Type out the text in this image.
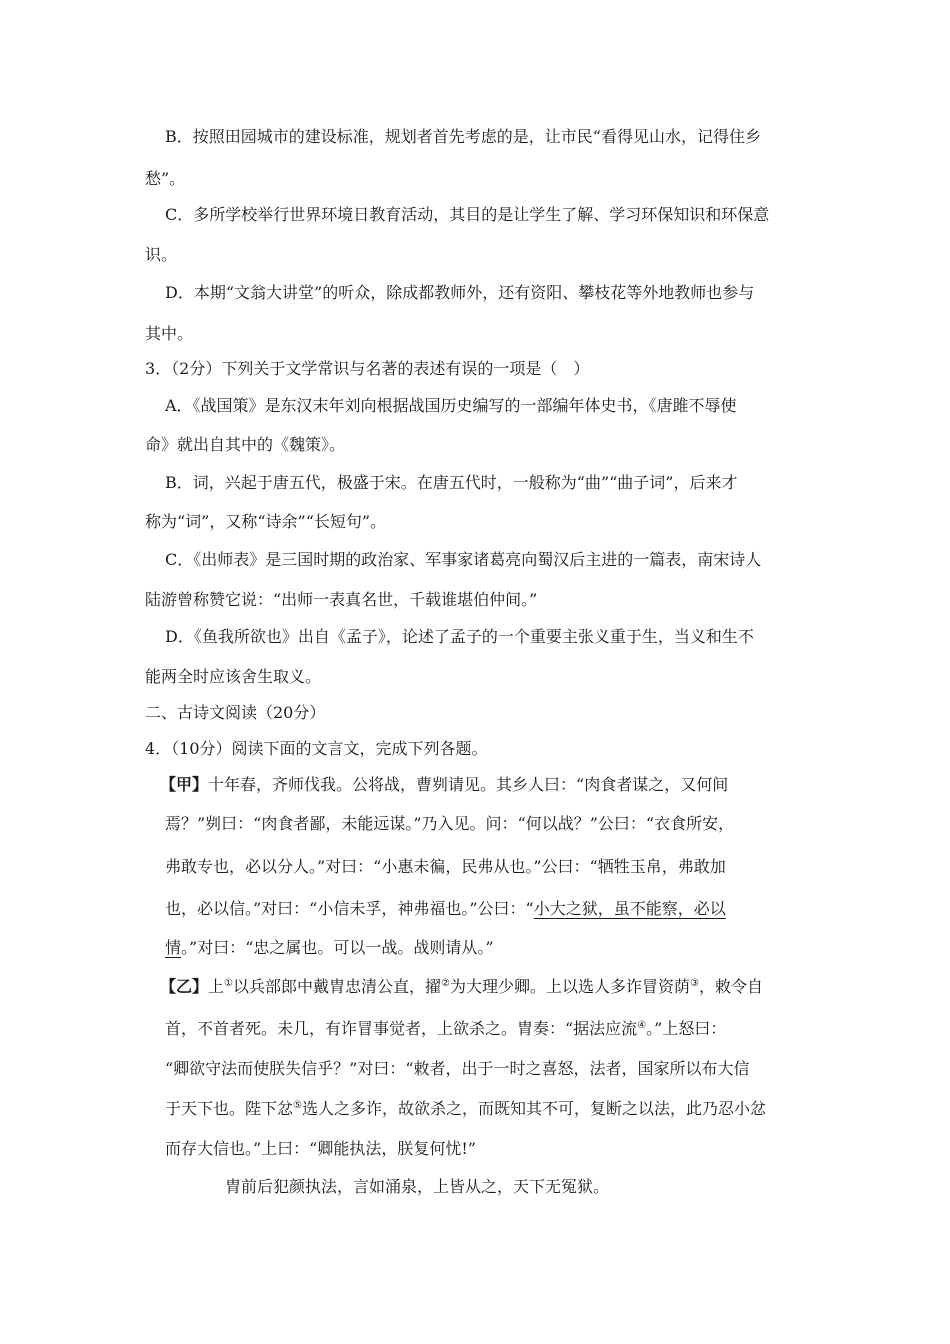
B．按照田园城市的建设标准，规划者首先考虑的是，让市民“看得见山水，记得住乡
愁”。
C．多所学校举行世界环境日教育活动，其目的是让学生了解、学习环保知识和环保意
识。
D．本期“文翁大讲堂”的听众，除成都教师外，还有资阳、攀枝花等外地教师也参与
其中。
3．（2分）下列关于文学常识与名著的表述有误的一项是（　）
A．《战国策》是东汉末年刘向根据战国历史编写的一部编年体史书，《唐雎不辱使
命》就出自其中的《魏策》。
B．词，兴起于唐五代，极盛于宋。在唐五代时，一般称为“曲”“曲子词”，后来才
称为“词”，又称“诗余”“长短句”。
C．《出师表》是三国时期的政治家、军事家诸葛亮向蜀汉后主进的一篇表，南宋诗人
陆游曾称赞它说：“出师一表真名世，千载谁堪伯仲间。”
D．《鱼我所欲也》出自《孟子》，论述了孟子的一个重要主张义重于生，当义和生不
能两全时应该舍生取义。
二、古诗文阅读（20分）
4．（10分）阅读下面的文言文，完成下列各题。
【甲】十年春，齐师伐我。公将战，曹刿请见。其乡人曰：“肉食者谋之，又何间
焉？”刿曰：“肉食者鄙，未能远谋。”乃入见。问：“何以战？”公曰：“衣食所安，
弗敢专也，必以分人。”对曰：“小惠未徧，民弗从也。”公曰：“牺牲玉帛，弗敢加
也，必以信。”对曰：“小信未孚，神弗福也。”公曰：“小大之狱，虽不能察，必以
情。”对曰：“忠之属也。可以一战。战则请从。”
【乙】上①以兵部郎中戴胄忠清公直，擢②为大理少卿。上以选人多诈冒资荫③，敕令自
首，不首者死。未几，有诈冒事觉者，上欲杀之。胄奏：“据法应流④。”上怒曰：
“卿欲守法而使朕失信乎？”对曰：“敕者，出于一时之喜怒，法者，国家所以布大信
于天下也。陛下忿⑤选人之多诈，故欲杀之，而既知其不可，复断之以法，此乃忍小忿
而存大信也。”上曰：“卿能执法，朕复何忧!”
胄前后犯颜执法，言如涌泉，上皆从之，天下无冤狱。
